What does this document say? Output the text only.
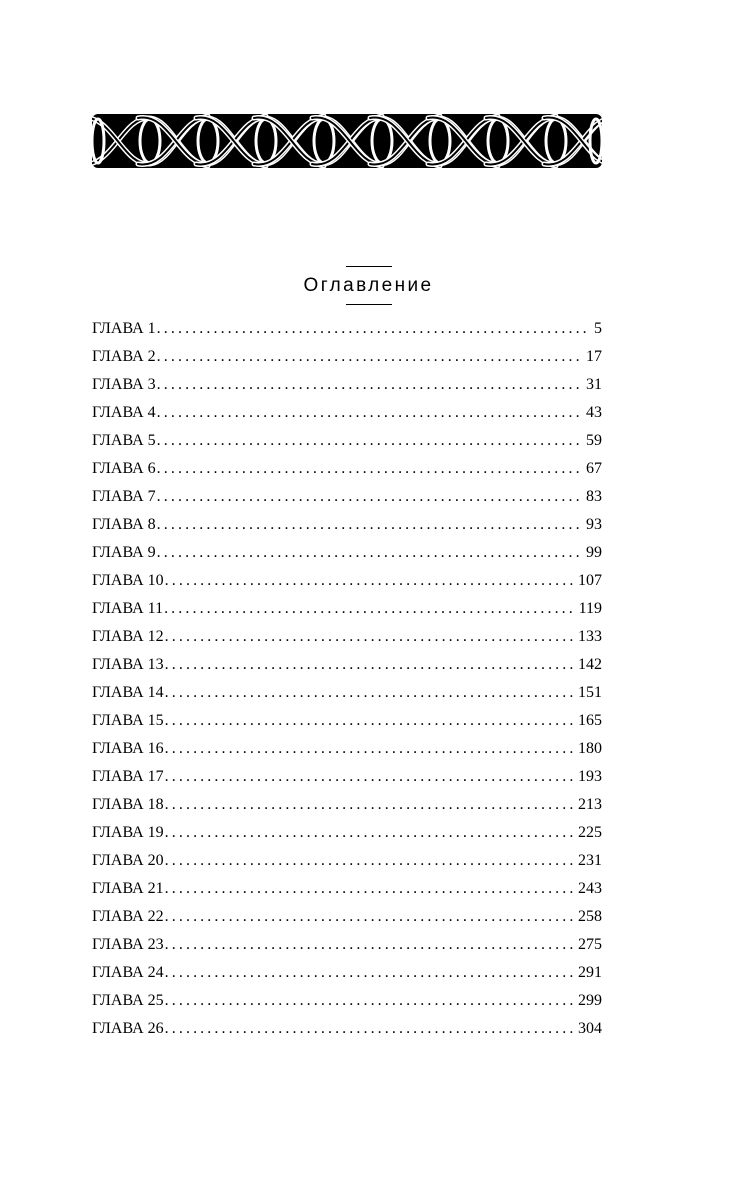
Оглавление
ГЛАВА 1 .....	5
ГЛАВА 2 .....	17
ГЛАВА 3 .....	31
ГЛАВА 4 .....	43
ГЛАВА 5 .....	59
ГЛАВА 6 .....	67
ГЛАВА 7 .....	83
ГЛАВА 8 .....	93
ГЛАВА 9 .....	99
ГЛАВА 10 .....	107
ГЛАВА 11 .....	119
ГЛАВА 12 .....	133
ГЛАВА 13 .....	142
ГЛАВА 14 .....	151
ГЛАВА 15 .....	165
ГЛАВА 16 .....	180
ГЛАВА 17 .....	193
ГЛАВА 18 .....	213
ГЛАВА 19 .....	225
ГЛАВА 20 .....	231
ГЛАВА 21 .....	243
ГЛАВА 22 .....	258
ГЛАВА 23 .....	275
ГЛАВА 24 .....	291
ГЛАВА 25 .....	299
ГЛАВА 26 .....	304
